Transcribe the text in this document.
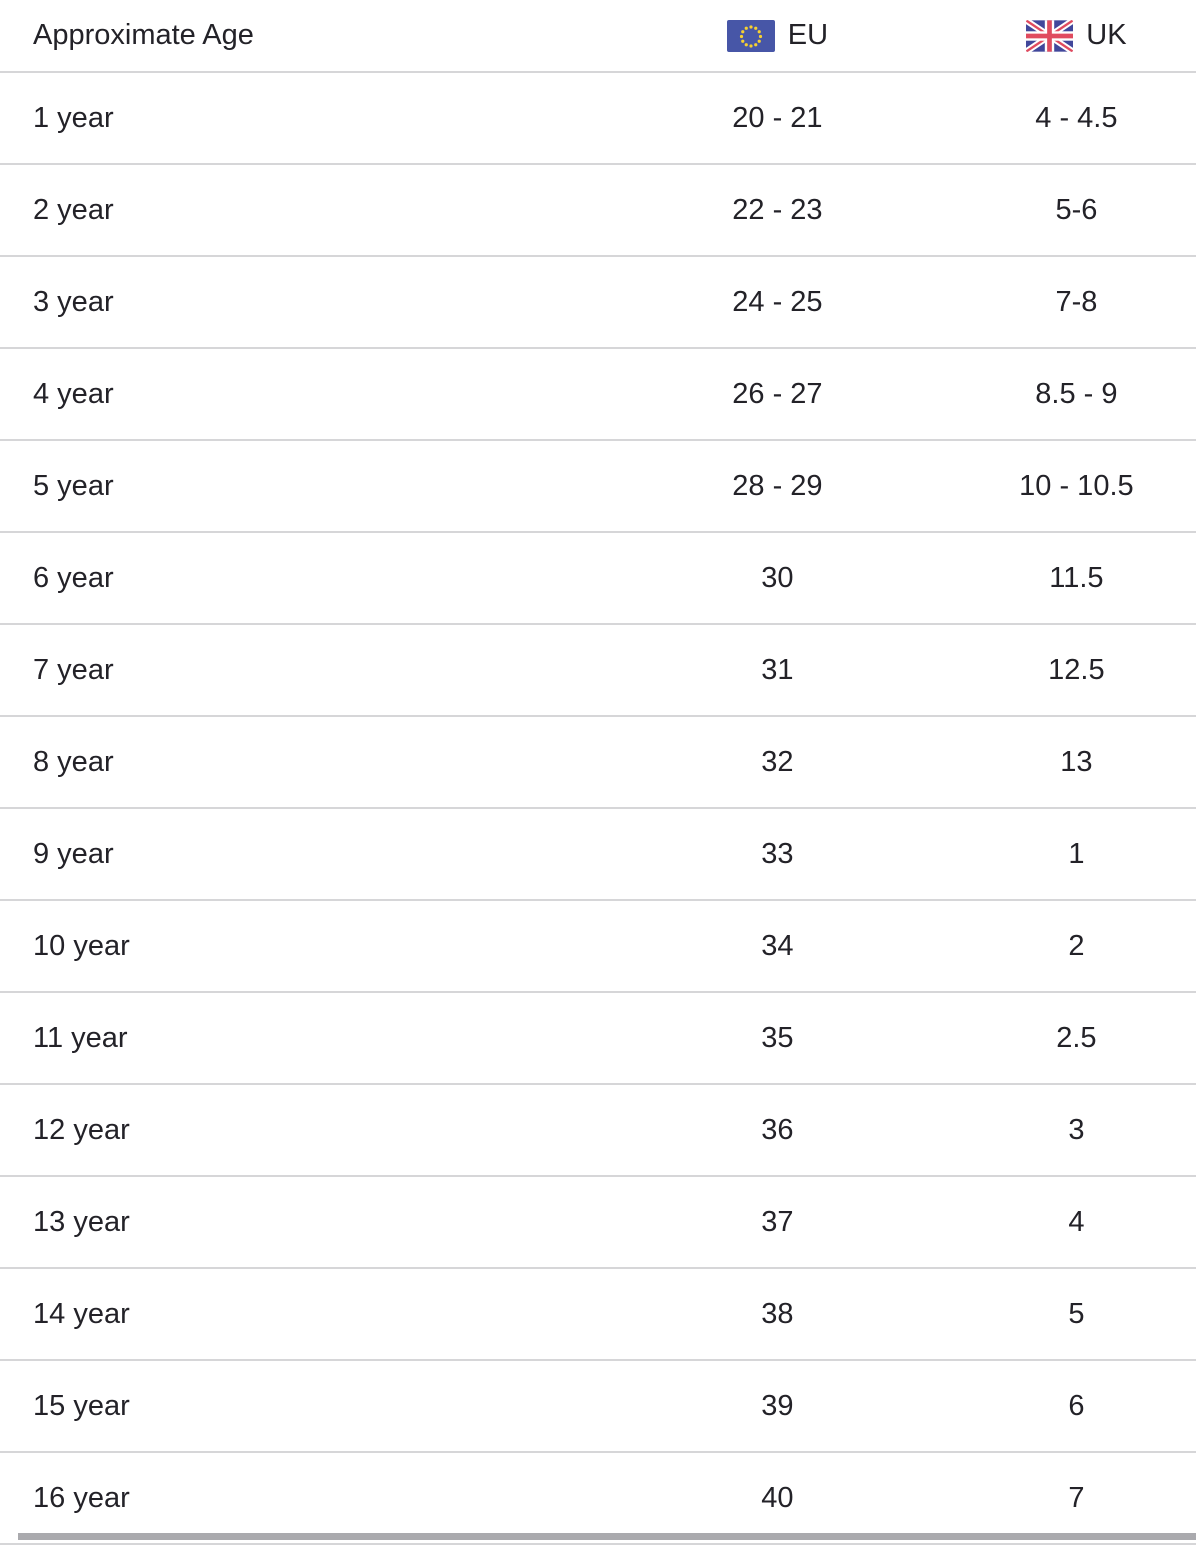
Approximate Age	EU	UK

1 year	20 - 21	4 - 4.5
2 year	22 - 23	5-6
3 year	24 - 25	7-8
4 year	26 - 27	8.5 - 9
5 year	28 - 29	10 - 10.5
6 year	30	11.5
7 year	31	12.5
8 year	32	13
9 year	33	1
10 year	34	2
11 year	35	2.5
12 year	36	3
13 year	37	4
14 year	38	5
15 year	39	6
16 year	40	7
